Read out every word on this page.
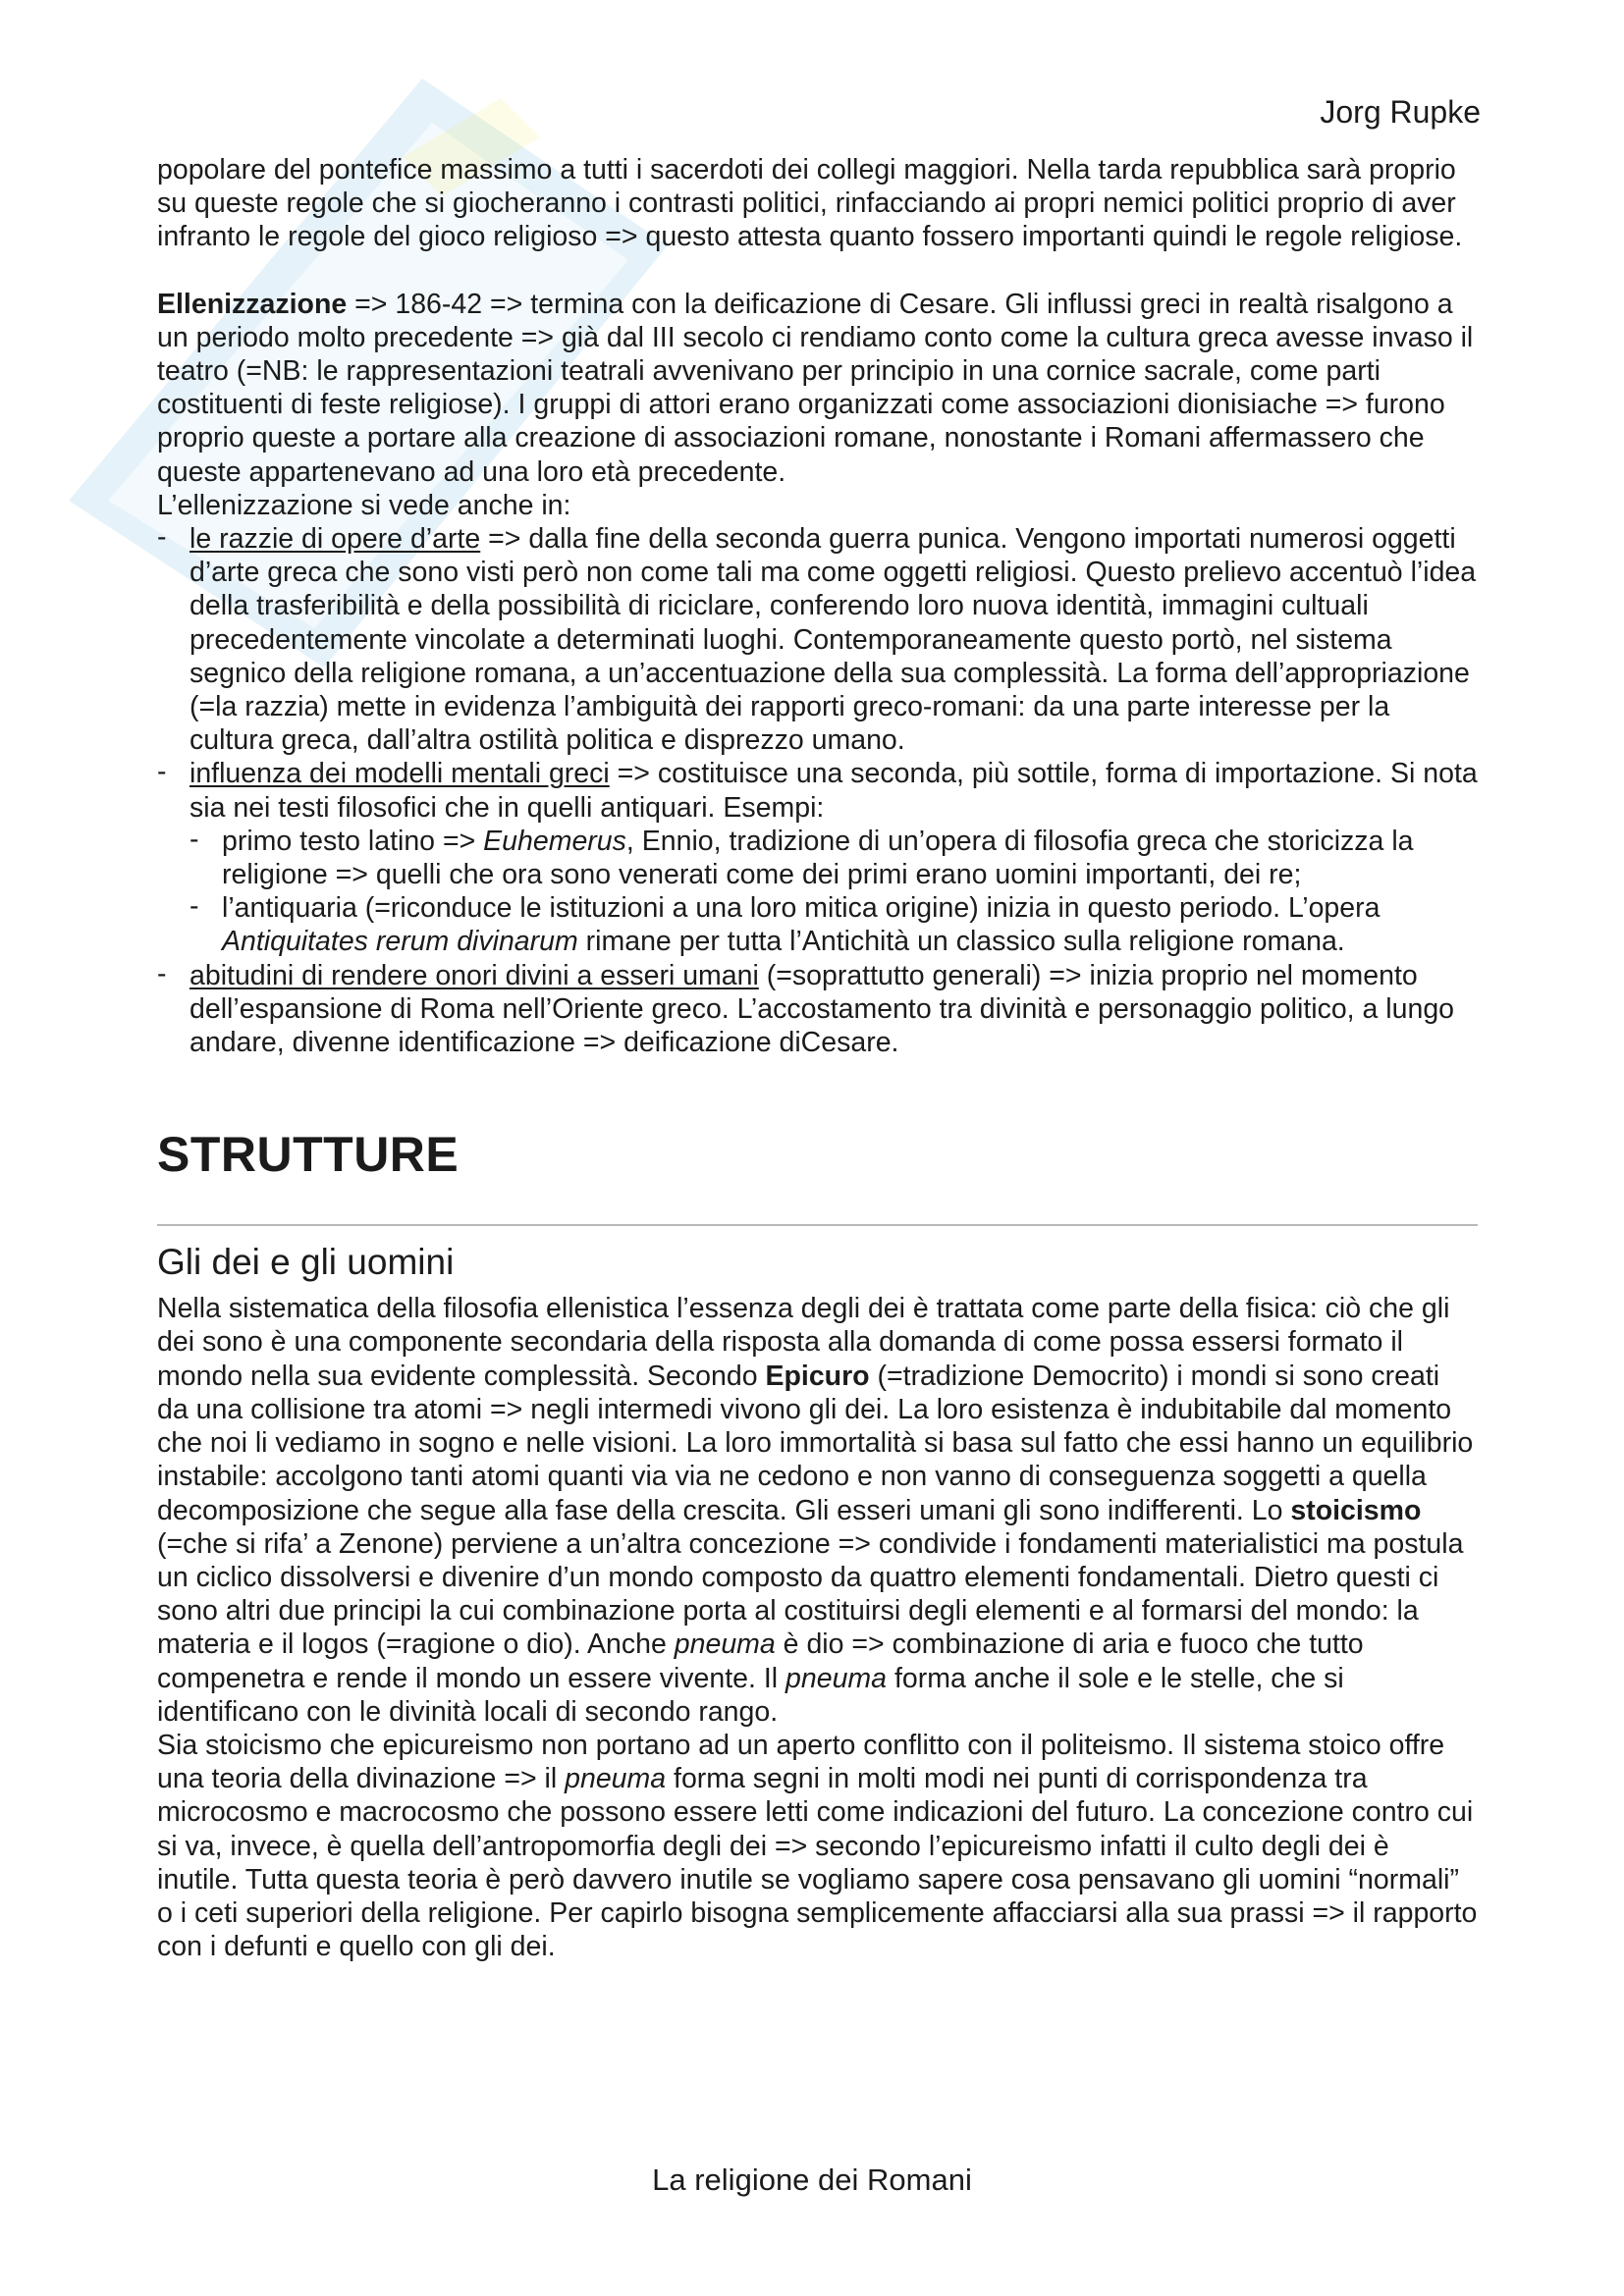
Jorg Rupke

popolare del pontefice massimo a tutti i sacerdoti dei collegi maggiori. Nella tarda repubblica sarà proprio su queste regole che si giocheranno i contrasti politici, rinfacciando ai propri nemici politici proprio di aver infranto le regole del gioco religioso => questo attesta quanto fossero importanti quindi le regole religiose.

Ellenizzazione => 186-42 => termina con la deificazione di Cesare. Gli influssi greci in realtà risalgono a un periodo molto precedente => già dal III secolo ci rendiamo conto come la cultura greca avesse invaso il teatro (=NB: le rappresentazioni teatrali avvenivano per principio in una cornice sacrale, come parti costituenti di feste religiose). I gruppi di attori erano organizzati come associazioni dionisiache => furono proprio queste a portare alla creazione di associazioni romane, nonostante i Romani affermassero che queste appartenevano ad una loro età precedente.

L’ellenizzazione si vede anche in:

- le razzie di opere d’arte => dalla fine della seconda guerra punica. Vengono importati numerosi oggetti d’arte greca che sono visti però non come tali ma come oggetti religiosi. Questo prelievo accentuò l’idea della trasferibilità e della possibilità di riciclare, conferendo loro nuova identità, immagini cultuali precedentemente vincolate a determinati luoghi. Contemporaneamente questo portò, nel sistema segnico della religione romana, a un’accentuazione della sua complessità. La forma dell’appropriazione (=la razzia) mette in evidenza l’ambiguità dei rapporti greco-romani: da una parte interesse per la cultura greca, dall’altra ostilità politica e disprezzo umano.
- influenza dei modelli mentali greci => costituisce una seconda, più sottile, forma di importazione. Si nota sia nei testi filosofici che in quelli antiquari. Esempi:
- primo testo latino => Euhemerus, Ennio, tradizione di un’opera di filosofia greca che storicizza la religione => quelli che ora sono venerati come dei primi erano uomini importanti, dei re;
- l’antiquaria (=riconduce le istituzioni a una loro mitica origine) inizia in questo periodo. L’opera Antiquitates rerum divinarum rimane per tutta l’Antichità un classico sulla religione romana.
- abitudini di rendere onori divini a esseri umani (=soprattutto generali) => inizia proprio nel momento dell’espansione di Roma nell’Oriente greco. L’accostamento tra divinità e personaggio politico, a lungo andare, divenne identificazione => deificazione diCesare.
STRUTTURE
Gli dei e gli uomini

Nella sistematica della filosofia ellenistica l’essenza degli dei è trattata come parte della fisica: ciò che gli dei sono è una componente secondaria della risposta alla domanda di come possa essersi formato il mondo nella sua evidente complessità. Secondo Epicuro (=tradizione Democrito) i mondi si sono creati da una collisione tra atomi => negli intermedi vivono gli dei. La loro esistenza è indubitabile dal momento che noi li vediamo in sogno e nelle visioni. La loro immortalità si basa sul fatto che essi hanno un equilibrio instabile: accolgono tanti atomi quanti via via ne cedono e non vanno di conseguenza soggetti a quella decomposizione che segue alla fase della crescita. Gli esseri umani gli sono indifferenti. Lo stoicismo (=che si rifa’ a Zenone) perviene a un’altra concezione => condivide i fondamenti materialistici ma postula un ciclico dissolversi e divenire d’un mondo composto da quattro elementi fondamentali. Dietro questi ci sono altri due principi la cui combinazione porta al costituirsi degli elementi e al formarsi del mondo: la materia e il logos (=ragione o dio). Anche pneuma è dio => combinazione di aria e fuoco che tutto compenetra e rende il mondo un essere vivente. Il pneuma forma anche il sole e le stelle, che si identificano con le divinità locali di secondo rango.

Sia stoicismo che epicureismo non portano ad un aperto conflitto con il politeismo. Il sistema stoico offre una teoria della divinazione => il pneuma forma segni in molti modi nei punti di corrispondenza tra microcosmo e macrocosmo che possono essere letti come indicazioni del futuro. La concezione contro cui si va, invece, è quella dell’antropomorfia degli dei => secondo l’epicureismo infatti il culto degli dei è inutile. Tutta questa teoria è però davvero inutile se vogliamo sapere cosa pensavano gli uomini “normali” o i ceti superiori della religione. Per capirlo bisogna semplicemente affacciarsi alla sua prassi => il rapporto con i defunti e quello con gli dei.

La religione dei Romani
